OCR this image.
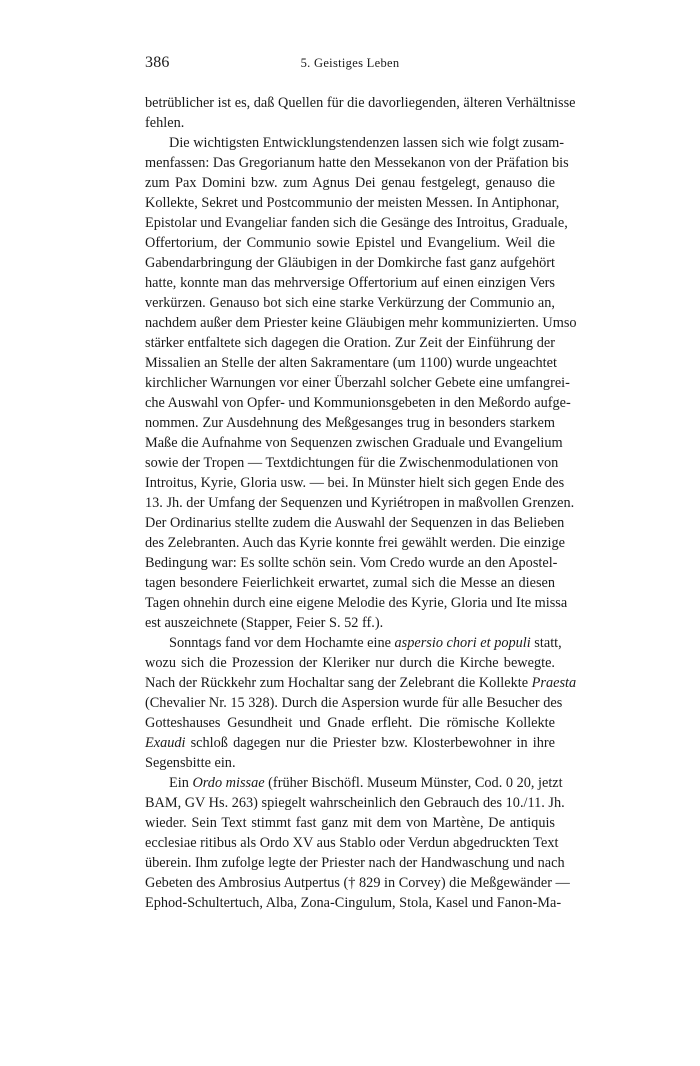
386	5. Geistiges Leben

betrüblicher ist es, daß Quellen für die davorliegenden, älteren Verhältnisse
fehlen.

Die wichtigsten Entwicklungstendenzen lassen sich wie folgt zusam-
menfassen: Das Gregorianum hatte den Messekanon von der Präfation bis
zum Pax Domini bzw. zum Agnus Dei genau festgelegt, genauso die
Kollekte, Sekret und Postcommunio der meisten Messen. In Antiphonar,
Epistolar und Evangeliar fanden sich die Gesänge des Introitus, Graduale,
Offertorium, der Communio sowie Epistel und Evangelium. Weil die
Gabendarbringung der Gläubigen in der Domkirche fast ganz aufgehört
hatte, konnte man das mehrversige Offertorium auf einen einzigen Vers
verkürzen. Genauso bot sich eine starke Verkürzung der Communio an,
nachdem außer dem Priester keine Gläubigen mehr kommunizierten. Umso
stärker entfaltete sich dagegen die Oration. Zur Zeit der Einführung der
Missalien an Stelle der alten Sakramentare (um 1100) wurde ungeachtet
kirchlicher Warnungen vor einer Überzahl solcher Gebete eine umfangrei-
che Auswahl von Opfer- und Kommunionsgebeten in den Meßordo aufge-
nommen. Zur Ausdehnung des Meßgesanges trug in besonders starkem
Maße die Aufnahme von Sequenzen zwischen Graduale und Evangelium
sowie der Tropen — Textdichtungen für die Zwischenmodulationen von
Introitus, Kyrie, Gloria usw. — bei. In Münster hielt sich gegen Ende des
13. Jh. der Umfang der Sequenzen und Kyriétropen in maßvollen Grenzen.
Der Ordinarius stellte zudem die Auswahl der Sequenzen in das Belieben
des Zelebranten. Auch das Kyrie konnte frei gewählt werden. Die einzige
Bedingung war: Es sollte schön sein. Vom Credo wurde an den Apostel-
tagen besondere Feierlichkeit erwartet, zumal sich die Messe an diesen
Tagen ohnehin durch eine eigene Melodie des Kyrie, Gloria und Ite missa
est auszeichnete (Stapper, Feier S. 52 ff.).

Sonntags fand vor dem Hochamte eine aspersio chori et populi statt,
wozu sich die Prozession der Kleriker nur durch die Kirche bewegte.
Nach der Rückkehr zum Hochaltar sang der Zelebrant die Kollekte Praesta
(Chevalier Nr. 15 328). Durch die Aspersion wurde für alle Besucher des
Gotteshauses Gesundheit und Gnade erfleht. Die römische Kollekte
Exaudi schloß dagegen nur die Priester bzw. Klosterbewohner in ihre
Segensbitte ein.

Ein Ordo missae (früher Bischöfl. Museum Münster, Cod. 0 20, jetzt
BAM, GV Hs. 263) spiegelt wahrscheinlich den Gebrauch des 10./11. Jh.
wieder. Sein Text stimmt fast ganz mit dem von Martène, De antiquis
ecclesiae ritibus als Ordo XV aus Stablo oder Verdun abgedruckten Text
überein. Ihm zufolge legte der Priester nach der Handwaschung und nach
Gebeten des Ambrosius Autpertus († 829 in Corvey) die Meßgewänder —
Ephod-Schultertuch, Alba, Zona-Cingulum, Stola, Kasel und Fanon-Ma-
